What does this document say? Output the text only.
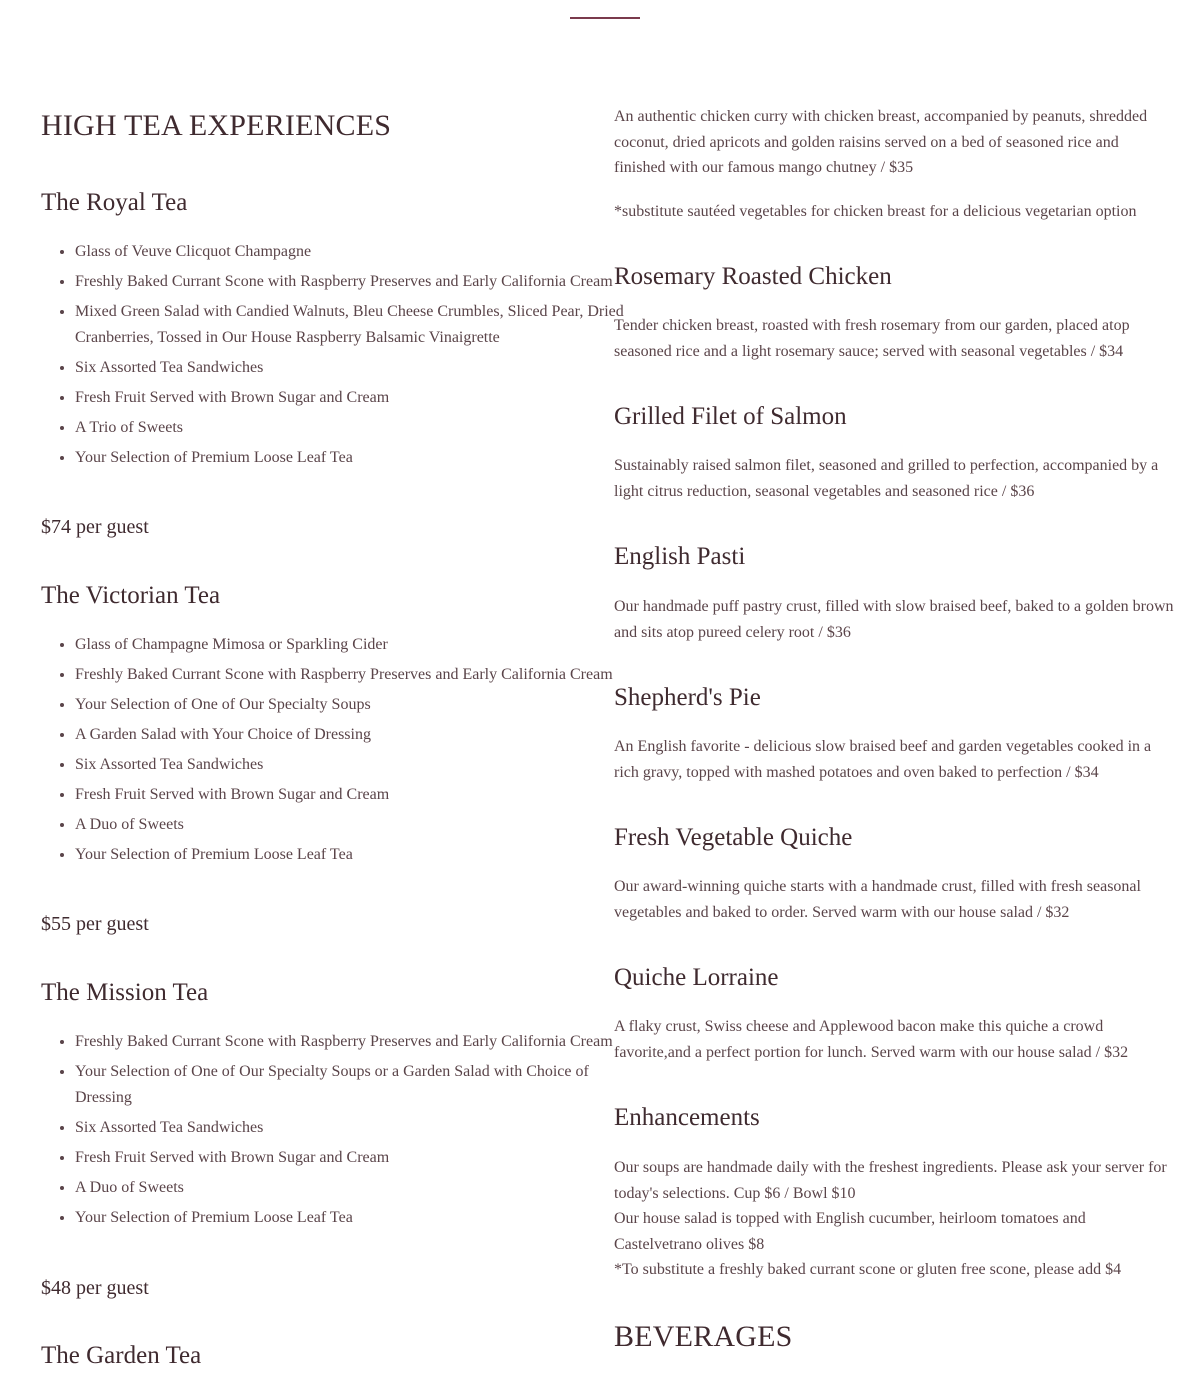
HIGH TEA EXPERIENCES
The Royal Tea
• Glass of Veuve Clicquot Champagne
• Freshly Baked Currant Scone with Raspberry Preserves and Early California Cream
• Mixed Green Salad with Candied Walnuts, Bleu Cheese Crumbles, Sliced Pear, Dried Cranberries, Tossed in Our House Raspberry Balsamic Vinaigrette
• Six Assorted Tea Sandwiches
• Fresh Fruit Served with Brown Sugar and Cream
• A Trio of Sweets
• Your Selection of Premium Loose Leaf Tea

$74 per guest

The Victorian Tea
• Glass of Champagne Mimosa or Sparkling Cider
• Freshly Baked Currant Scone with Raspberry Preserves and Early California Cream
• Your Selection of One of Our Specialty Soups
• A Garden Salad with Your Choice of Dressing
• Six Assorted Tea Sandwiches
• Fresh Fruit Served with Brown Sugar and Cream
• A Duo of Sweets
• Your Selection of Premium Loose Leaf Tea

$55 per guest

The Mission Tea
• Freshly Baked Currant Scone with Raspberry Preserves and Early California Cream
• Your Selection of One of Our Specialty Soups or a Garden Salad with Choice of Dressing
• Six Assorted Tea Sandwiches
• Fresh Fruit Served with Brown Sugar and Cream
• A Duo of Sweets
• Your Selection of Premium Loose Leaf Tea

$48 per guest

The Garden Tea

An authentic chicken curry with chicken breast, accompanied by peanuts, shredded coconut, dried apricots and golden raisins served on a bed of seasoned rice and finished with our famous mango chutney / $35

*substitute sautéed vegetables for chicken breast for a delicious vegetarian option

Rosemary Roasted Chicken

Tender chicken breast, roasted with fresh rosemary from our garden, placed atop seasoned rice and a light rosemary sauce; served with seasonal vegetables / $34

Grilled Filet of Salmon

Sustainably raised salmon filet, seasoned and grilled to perfection, accompanied by a light citrus reduction, seasonal vegetables and seasoned rice / $36

English Pasti

Our handmade puff pastry crust, filled with slow braised beef, baked to a golden brown and sits atop pureed celery root / $36

Shepherd's Pie

An English favorite - delicious slow braised beef and garden vegetables cooked in a rich gravy, topped with mashed potatoes and oven baked to perfection / $34

Fresh Vegetable Quiche

Our award-winning quiche starts with a handmade crust, filled with fresh seasonal vegetables and baked to order. Served warm with our house salad / $32

Quiche Lorraine

A flaky crust, Swiss cheese and Applewood bacon make this quiche a crowd favorite,and a perfect portion for lunch. Served warm with our house salad / $32

Enhancements

Our soups are handmade daily with the freshest ingredients. Please ask your server for today's selections. Cup $6 / Bowl $10

Our house salad is topped with English cucumber, heirloom tomatoes and Castelvetrano olives $8

*To substitute a freshly baked currant scone or gluten free scone, please add $4

BEVERAGES
